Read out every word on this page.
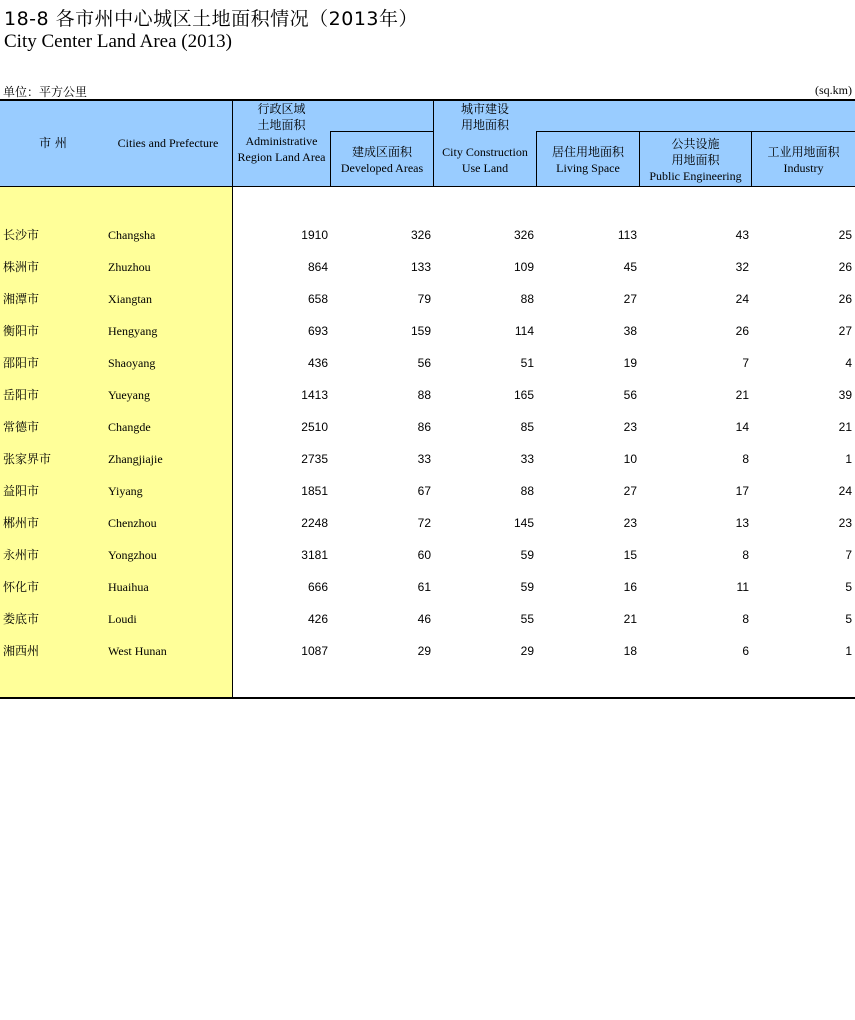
18-8 各市州中心城区土地面积情况（2013年）
City Center Land Area (2013)
单位：平方公里	(sq.km)
市 州	Cities and Prefecture
行政区域
土地面积
Administrative Region Land Area
城市建设
用地面积
建成区面积
Developed Areas
City Construction Use Land
居住用地面积
Living Space
公共设施
用地面积
Public Engineering
工业用地面积
Industry
长沙市	Changsha	1910	326	326	113	43	25
株洲市	Zhuzhou	864	133	109	45	32	26
湘潭市	Xiangtan	658	79	88	27	24	26
衡阳市	Hengyang	693	159	114	38	26	27
邵阳市	Shaoyang	436	56	51	19	7	4
岳阳市	Yueyang	1413	88	165	56	21	39
常德市	Changde	2510	86	85	23	14	21
张家界市	Zhangjiajie	2735	33	33	10	8	1
益阳市	Yiyang	1851	67	88	27	17	24
郴州市	Chenzhou	2248	72	145	23	13	23
永州市	Yongzhou	3181	60	59	15	8	7
怀化市	Huaihua	666	61	59	16	11	5
娄底市	Loudi	426	46	55	21	8	5
湘西州	West Hunan	1087	29	29	18	6	1
